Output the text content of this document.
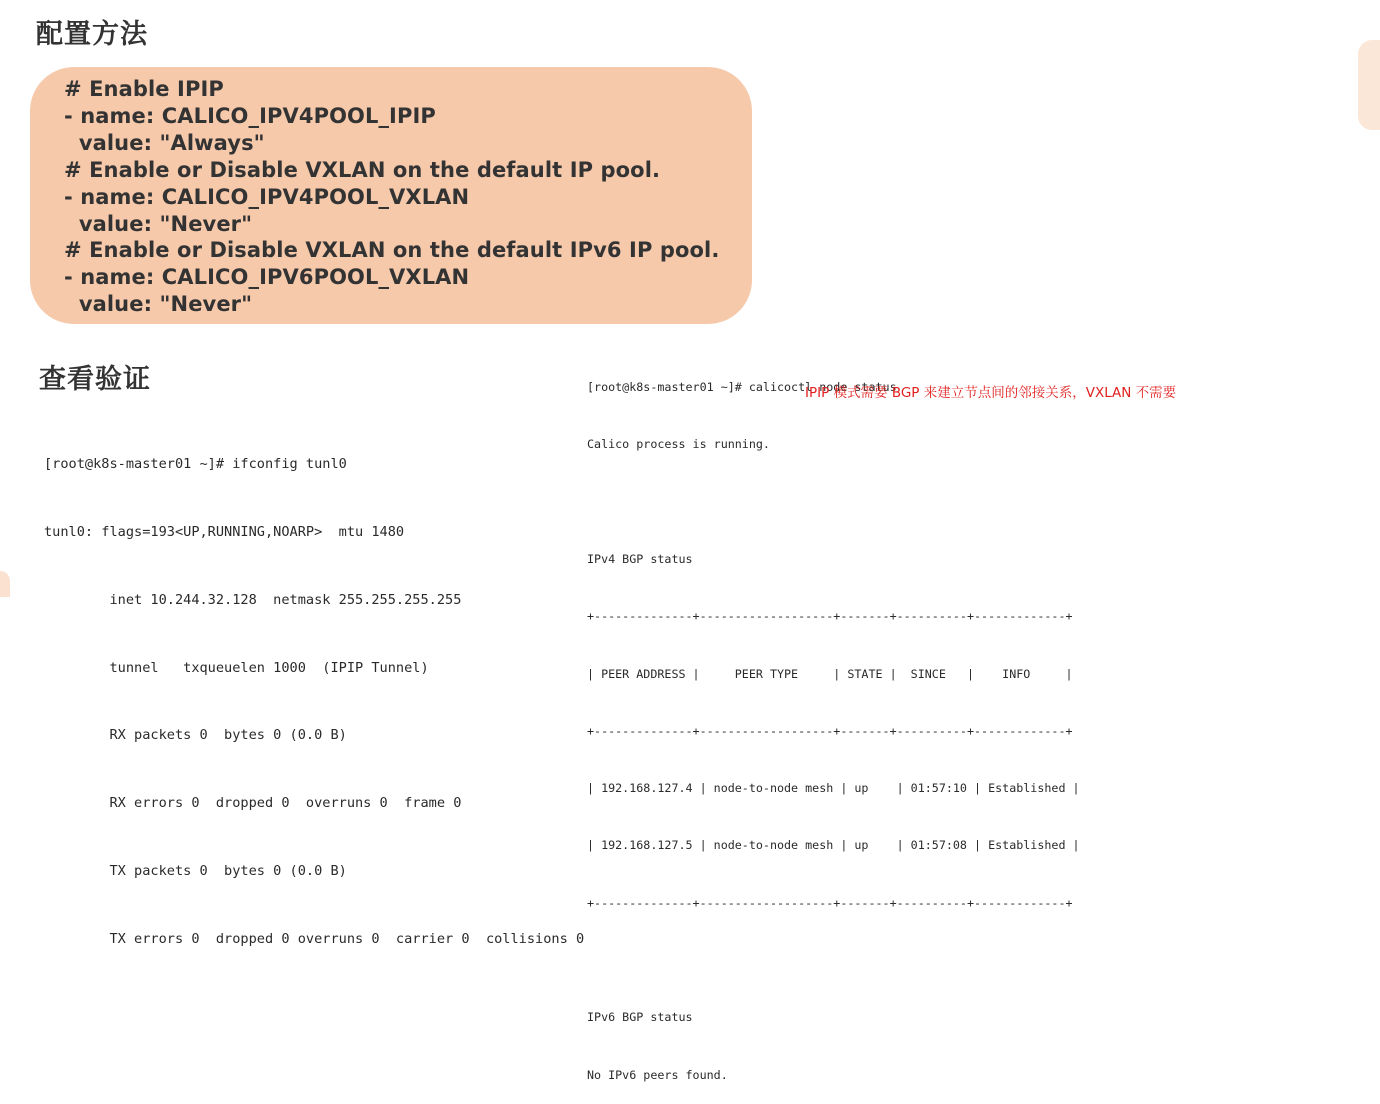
配置方法
# Enable IPIP
- name: CALICO_IPV4POOL_IPIP
value: "Always"
# Enable or Disable VXLAN on the default IP pool.
- name: CALICO_IPV4POOL_VXLAN
value: "Never"
# Enable or Disable VXLAN on the default IPv6 IP pool.
- name: CALICO_IPV6POOL_VXLAN
value: "Never"
查看验证

[root@k8s-master01 ~]# ifconfig tunl0

tunl0: flags=193<UP,RUNNING,NOARP>  mtu 1480

inet 10.244.32.128  netmask 255.255.255.255

tunnel   txqueuelen 1000  (IPIP Tunnel)

RX packets 0  bytes 0 (0.0 B)

RX errors 0  dropped 0  overruns 0  frame 0

TX packets 0  bytes 0 (0.0 B)

TX errors 0  dropped 0 overruns 0  carrier 0  collisions 0

[root@k8s-master01 ~]# calicoctl node status

Calico process is running.

IPv4 BGP status

+--------------+-------------------+-------+----------+-------------+

| PEER ADDRESS |     PEER TYPE     | STATE |  SINCE   |    INFO     |

+--------------+-------------------+-------+----------+-------------+

| 192.168.127.4 | node-to-node mesh | up    | 01:57:10 | Established |

| 192.168.127.5 | node-to-node mesh | up    | 01:57:08 | Established |

+--------------+-------------------+-------+----------+-------------+

IPv6 BGP status

No IPv6 peers found.

IPIP 模式需要 BGP 来建立节点间的邻接关系，VXLAN 不需要
